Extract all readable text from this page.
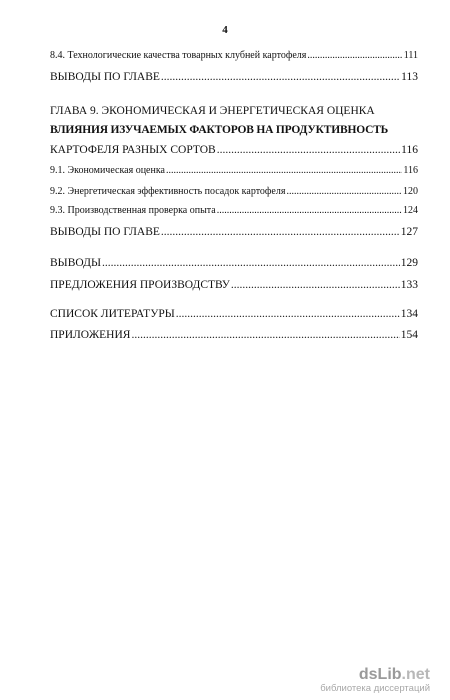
4
8.4. Технологические качества товарных клубней картофеля .....	111
ВЫВОДЫ ПО ГЛАВЕ .....	113
ГЛАВА 9. ЭКОНОМИЧЕСКАЯ И ЭНЕРГЕТИЧЕСКАЯ ОЦЕНКА
ВЛИЯНИЯ ИЗУЧАЕМЫХ ФАКТОРОВ НА ПРОДУКТИВНОСТЬ
КАРТОФЕЛЯ РАЗНЫХ СОРТОВ .....	116
9.1. Экономическая оценка .....	116
9.2. Энергетическая эффективность посадок картофеля .....	120
9.3. Производственная проверка опыта .....	124
ВЫВОДЫ ПО ГЛАВЕ .....	127
ВЫВОДЫ .....	129
ПРЕДЛОЖЕНИЯ ПРОИЗВОДСТВУ .....	133
СПИСОК ЛИТЕРАТУРЫ .....	134
ПРИЛОЖЕНИЯ .....	154
dsLib.net
библиотека диссертаций
